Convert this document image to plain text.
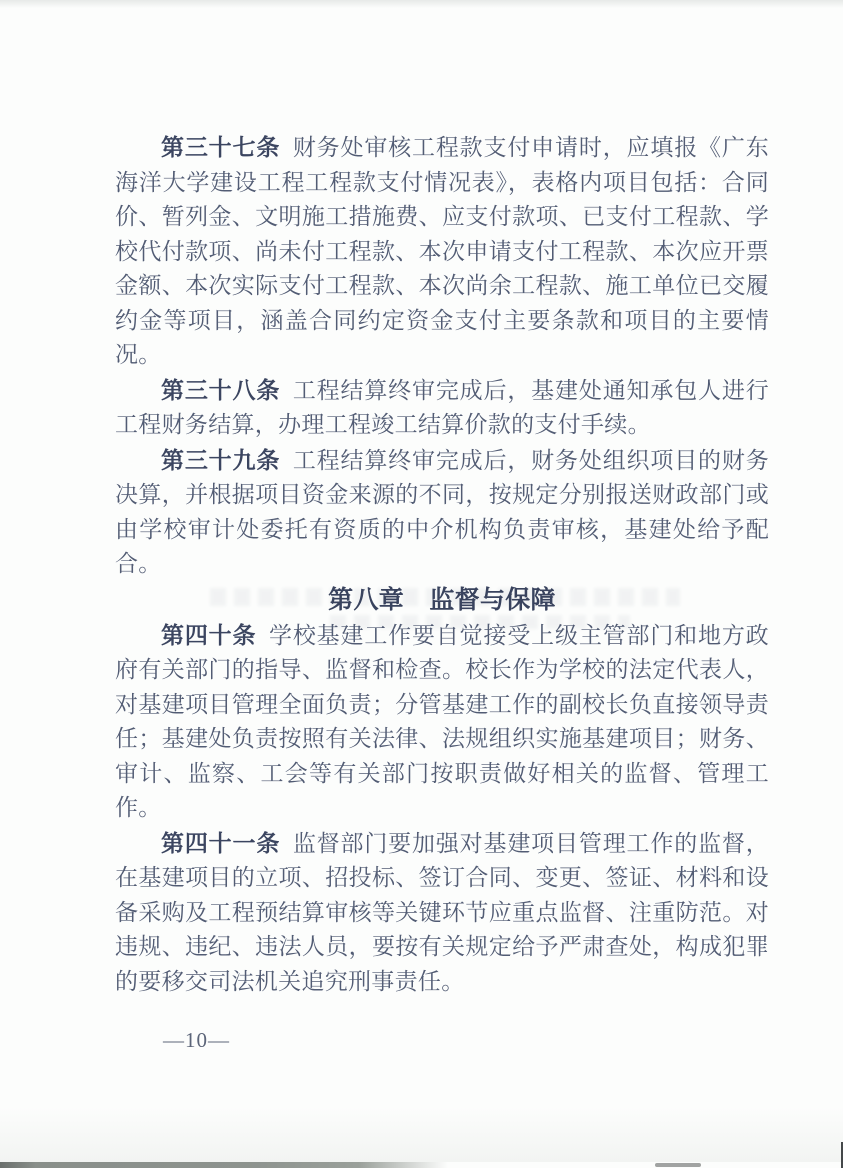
第三十七条 财务处审核工程款支付申请时，应填报《广东海洋大学建设工程工程款支付情况表》，表格内项目包括：合同价、暂列金、文明施工措施费、应支付款项、已支付工程款、学校代付款项、尚未付工程款、本次申请支付工程款、本次应开票金额、本次实际支付工程款、本次尚余工程款、施工单位已交履约金等项目，涵盖合同约定资金支付主要条款和项目的主要情况。

第三十八条 工程结算终审完成后，基建处通知承包人进行工程财务结算，办理工程竣工结算价款的支付手续。

第三十九条 工程结算终审完成后，财务处组织项目的财务决算，并根据项目资金来源的不同，按规定分别报送财政部门或由学校审计处委托有资质的中介机构负责审核，基建处给予配合。

第八章　监督与保障

第四十条 学校基建工作要自觉接受上级主管部门和地方政府有关部门的指导、监督和检查。校长作为学校的法定代表人，对基建项目管理全面负责；分管基建工作的副校长负直接领导责任；基建处负责按照有关法律、法规组织实施基建项目；财务、审计、监察、工会等有关部门按职责做好相关的监督、管理工作。

第四十一条 监督部门要加强对基建项目管理工作的监督，在基建项目的立项、招投标、签订合同、变更、签证、材料和设备采购及工程预结算审核等关键环节应重点监督、注重防范。对违规、违纪、违法人员，要按有关规定给予严肃查处，构成犯罪的要移交司法机关追究刑事责任。

—10—
